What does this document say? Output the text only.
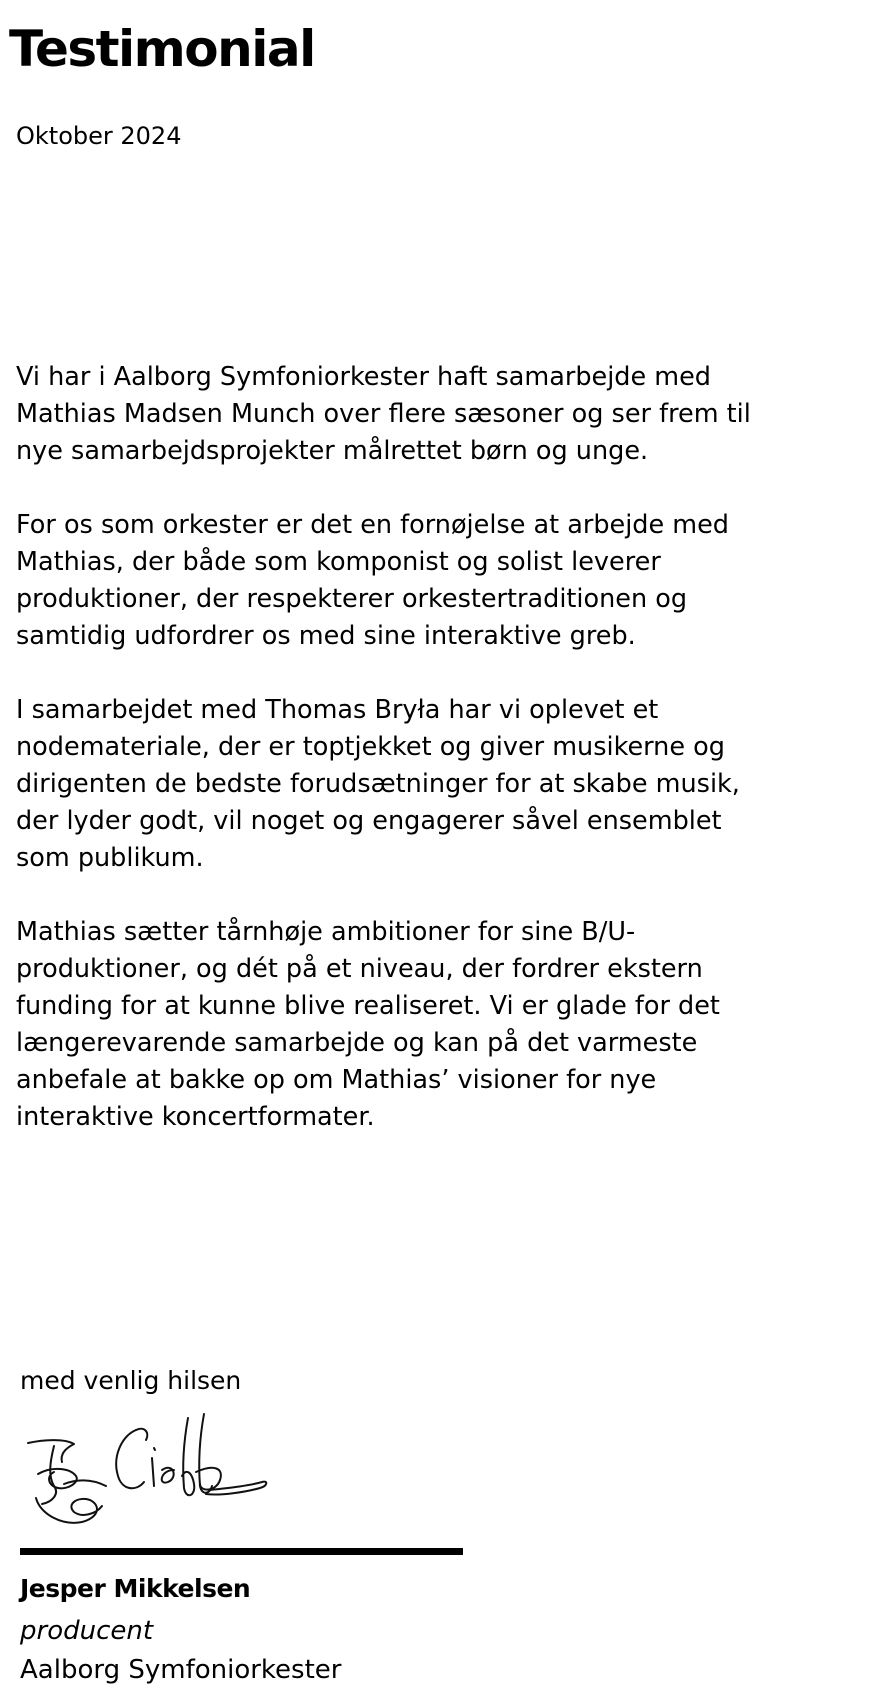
Testimonial
Oktober 2024

Vi har i Aalborg Symfoniorkester haft samarbejde med
Mathias Madsen Munch over flere sæsoner og ser frem til
nye samarbejdsprojekter målrettet børn og unge.

For os som orkester er det en fornøjelse at arbejde med
Mathias, der både som komponist og solist leverer
produktioner, der respekterer orkestertraditionen og
samtidig udfordrer os med sine interaktive greb.

I samarbejdet med Thomas Bryła har vi oplevet et
nodemateriale, der er toptjekket og giver musikerne og
dirigenten de bedste forudsætninger for at skabe musik,
der lyder godt, vil noget og engagerer såvel ensemblet
som publikum.

Mathias sætter tårnhøje ambitioner for sine B/U-
produktioner, og dét på et niveau, der fordrer ekstern
funding for at kunne blive realiseret. Vi er glade for det
længerevarende samarbejde og kan på det varmeste
anbefale at bakke op om Mathias’ visioner for nye
interaktive koncertformater.

med venlig hilsen
Jesper Mikkelsen
producent
Aalborg Symfoniorkester
